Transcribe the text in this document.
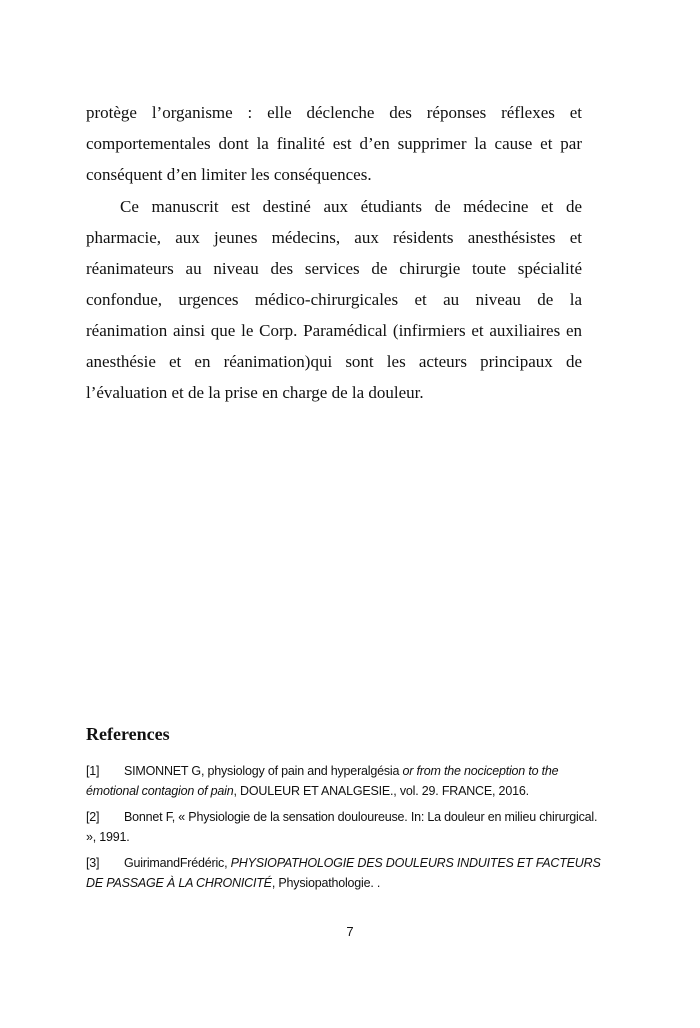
protège l’organisme : elle déclenche des réponses réflexes et comportementales dont la finalité est d’en supprimer la cause et par conséquent d’en limiter les conséquences.

Ce manuscrit est destiné aux étudiants de médecine et de pharmacie, aux jeunes médecins, aux résidents anesthésistes et réanimateurs au niveau des services de chirurgie toute spécialité confondue, urgences médico-chirurgicales et au niveau de la réanimation ainsi que le Corp. Paramédical (infirmiers et auxiliaires en anesthésie et en réanimation)qui sont les acteurs principaux de l’évaluation et de la prise en charge de la douleur.

References

[1] SIMONNET G, physiology of pain and hyperalgésia or from the nociception to the émotional contagion of pain, DOULEUR ET ANALGESIE., vol. 29. FRANCE, 2016.

[2] Bonnet F, « Physiologie de la sensation douloureuse. In: La douleur en milieu chirurgical. », 1991.

[3] GuirimandFrédéric, PHYSIOPATHOLOGIE DES DOULEURS INDUITES ET FACTEURS DE PASSAGE À LA CHRONICITÉ, Physiopathologie. .

7
